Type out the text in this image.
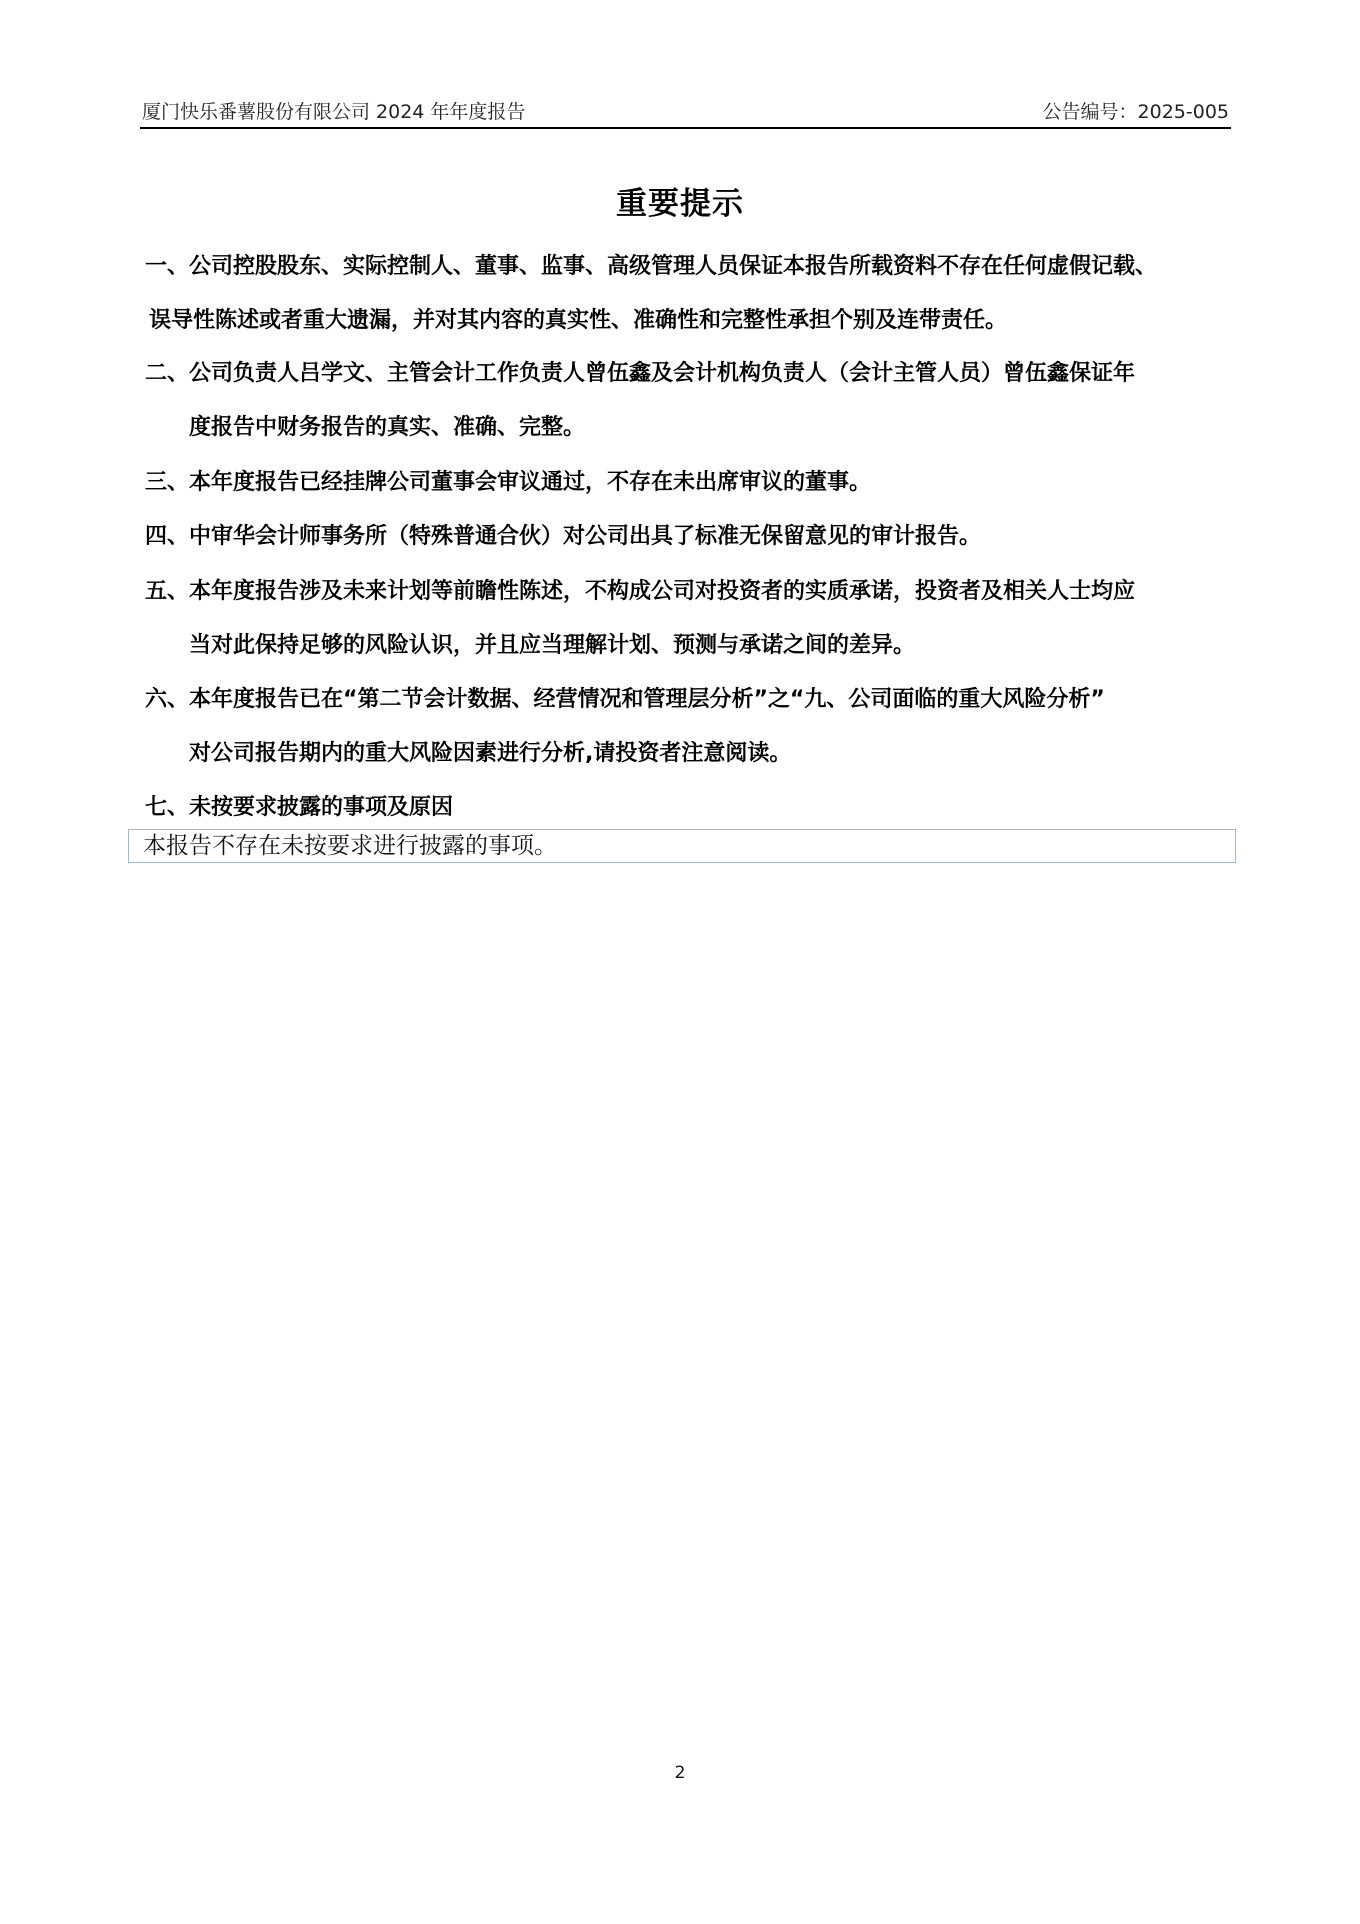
厦门快乐番薯股份有限公司 2024 年年度报告	公告编号：2025-005
重要提示
一、公司控股股东、实际控制人、董事、监事、高级管理人员保证本报告所载资料不存在任何虚假记载、
误导性陈述或者重大遗漏，并对其内容的真实性、准确性和完整性承担个别及连带责任。
二、公司负责人吕学文、主管会计工作负责人曾伍鑫及会计机构负责人（会计主管人员）曾伍鑫保证年
度报告中财务报告的真实、准确、完整。
三、本年度报告已经挂牌公司董事会审议通过，不存在未出席审议的董事。
四、中审华会计师事务所（特殊普通合伙）对公司出具了标准无保留意见的审计报告。
五、本年度报告涉及未来计划等前瞻性陈述，不构成公司对投资者的实质承诺，投资者及相关人士均应
当对此保持足够的风险认识，并且应当理解计划、预测与承诺之间的差异。
六、本年度报告已在“第二节会计数据、经营情况和管理层分析”之“九、公司面临的重大风险分析”
对公司报告期内的重大风险因素进行分析,请投资者注意阅读。
七、未按要求披露的事项及原因
本报告不存在未按要求进行披露的事项。
2
